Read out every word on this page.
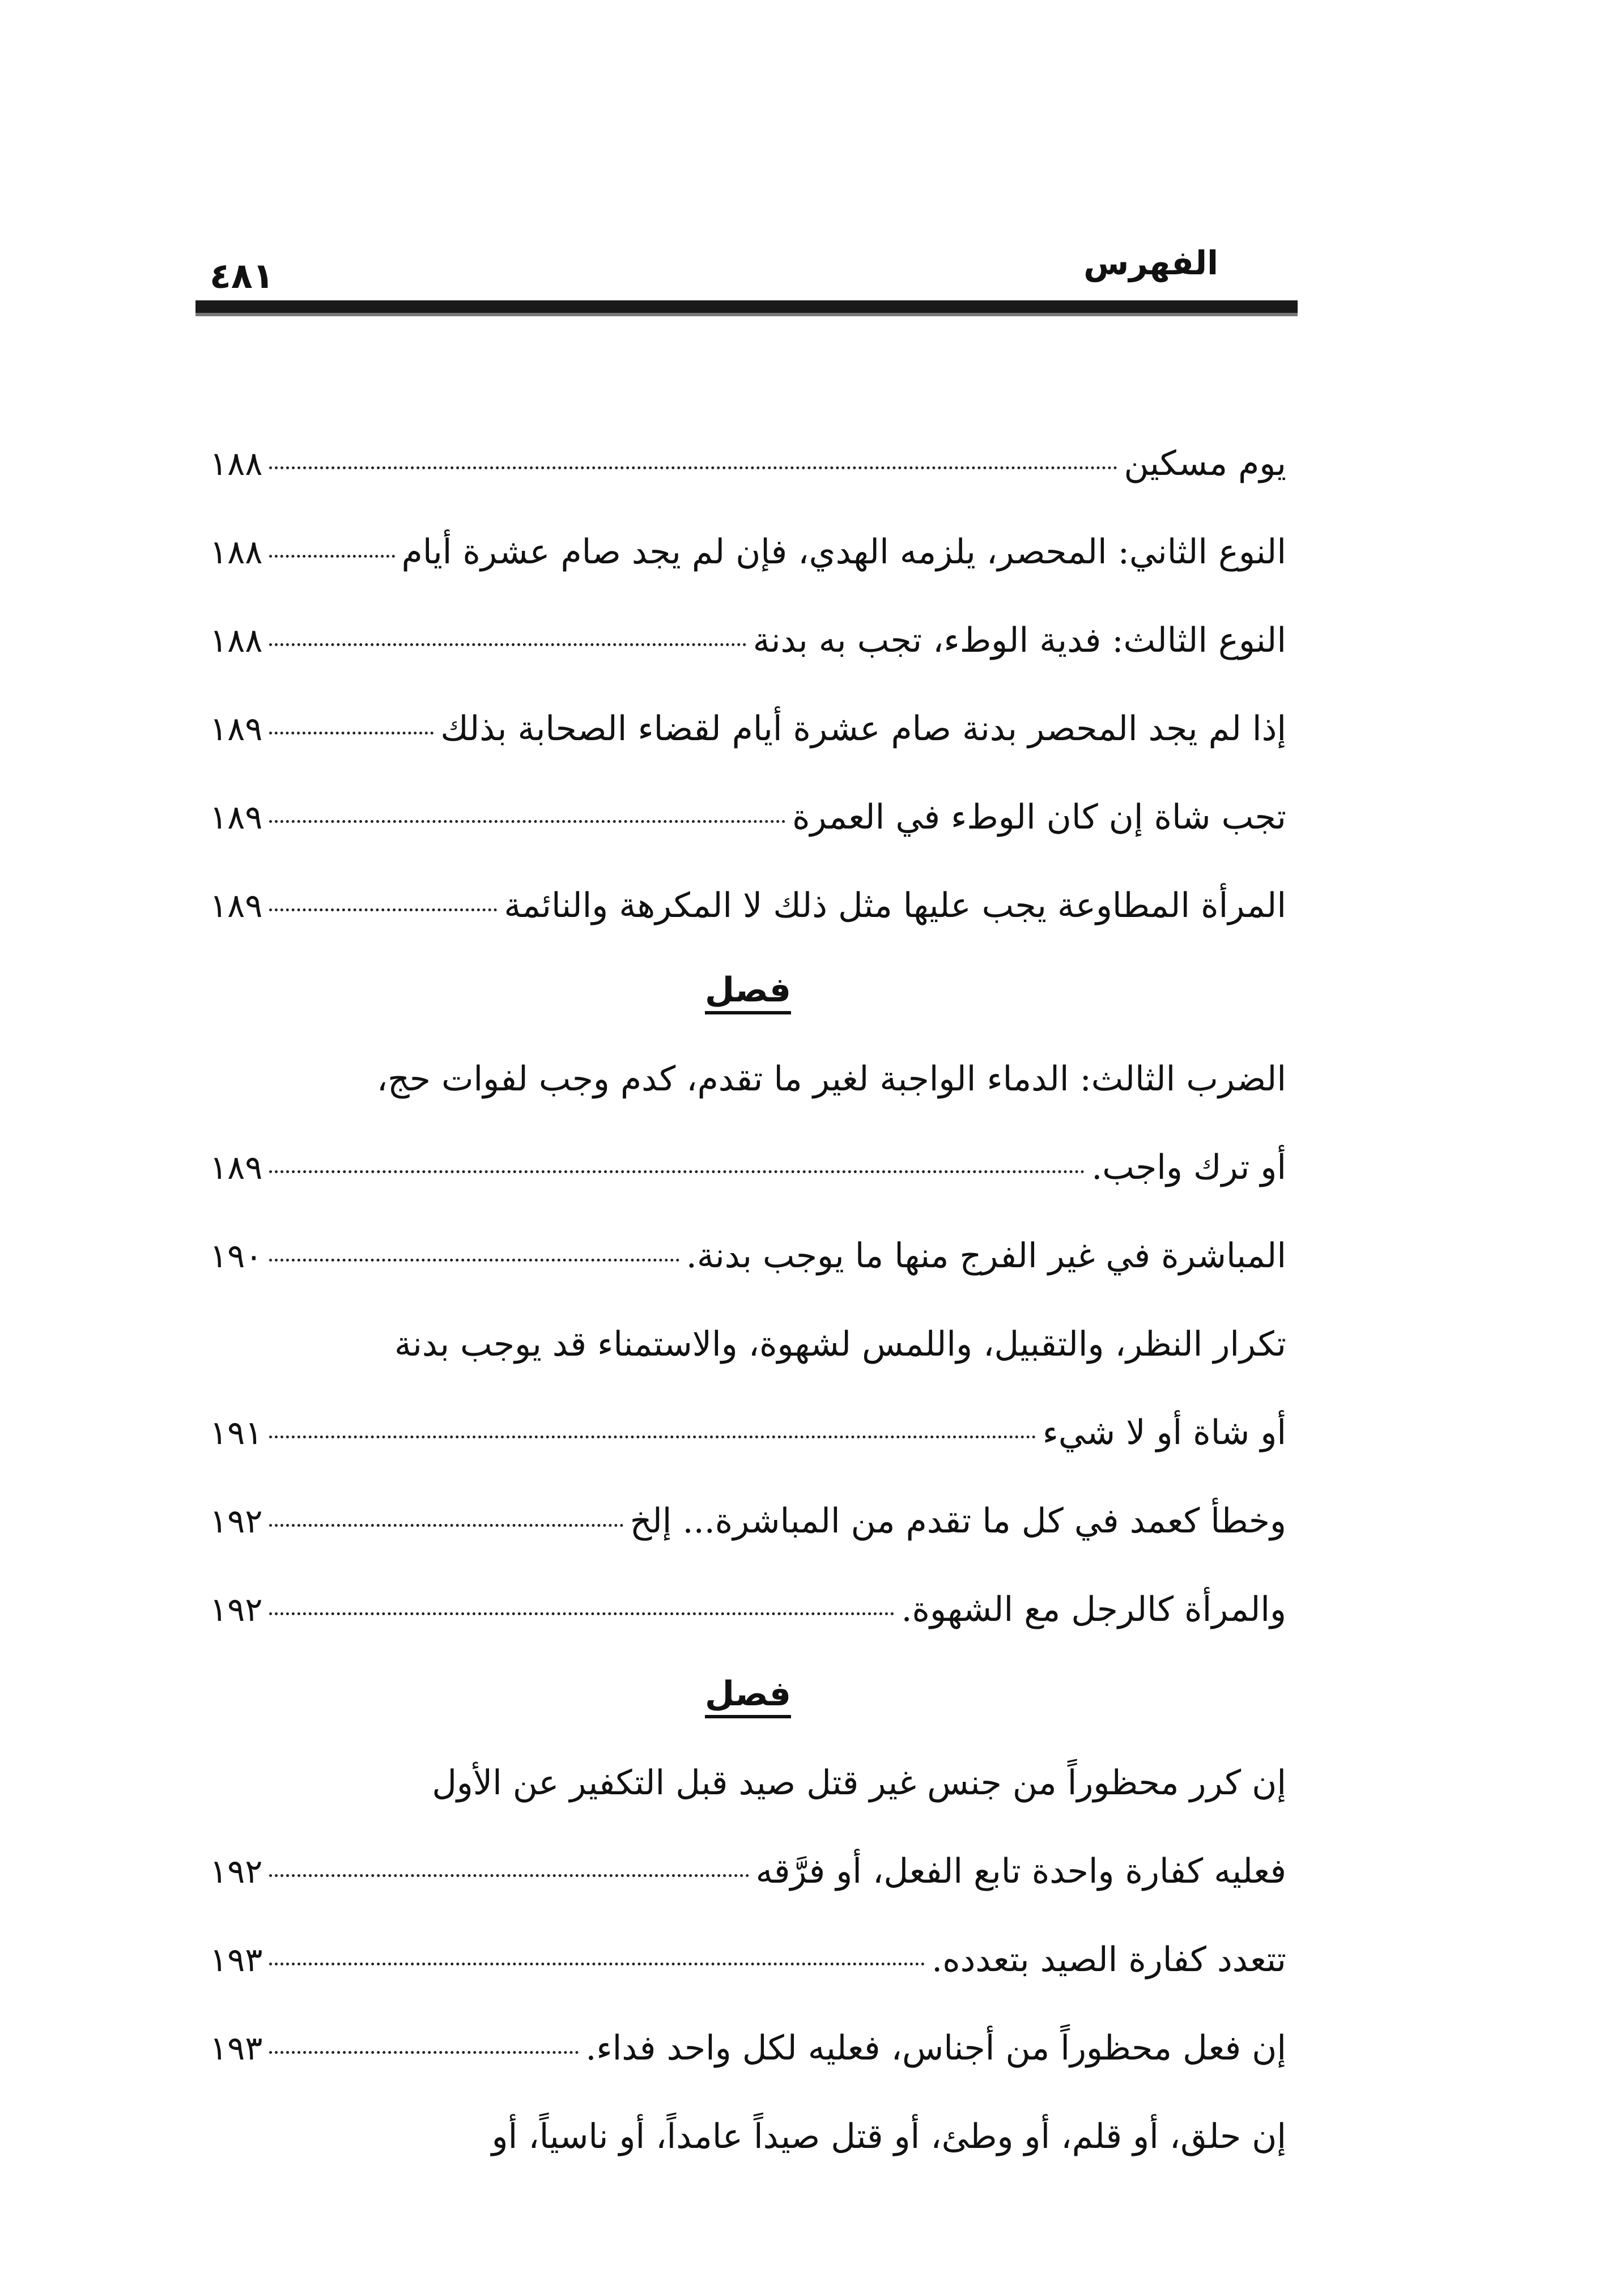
الفهرس
٤٨١
يوم مسكين
١٨٨
النوع الثاني: المحصر، يلزمه الهدي، فإن لم يجد صام عشرة أيام
١٨٨
النوع الثالث: فدية الوطء، تجب به بدنة
١٨٨
إذا لم يجد المحصر بدنة صام عشرة أيام لقضاء الصحابة بذلك
١٨٩
تجب شاة إن كان الوطء في العمرة
١٨٩
المرأة المطاوعة يجب عليها مثل ذلك لا المكرهة والنائمة
١٨٩
فصل
الضرب الثالث: الدماء الواجبة لغير ما تقدم، كدم وجب لفوات حج،
أو ترك واجب.
١٨٩
المباشرة في غير الفرج منها ما يوجب بدنة.
١٩٠
تكرار النظر، والتقبيل، واللمس لشهوة، والاستمناء قد يوجب بدنة
أو شاة أو لا شيء
١٩١
وخطأ كعمد في كل ما تقدم من المباشرة... إلخ
١٩٢
والمرأة كالرجل مع الشهوة.
١٩٢
فصل
إن كرر محظوراً من جنس غير قتل صيد قبل التكفير عن الأول
فعليه كفارة واحدة تابع الفعل، أو فرَّقه
١٩٢
تتعدد كفارة الصيد بتعدده.
١٩٣
إن فعل محظوراً من أجناس، فعليه لكل واحد فداء.
١٩٣
إن حلق، أو قلم، أو وطئ، أو قتل صيداً عامداً، أو ناسياً، أو
